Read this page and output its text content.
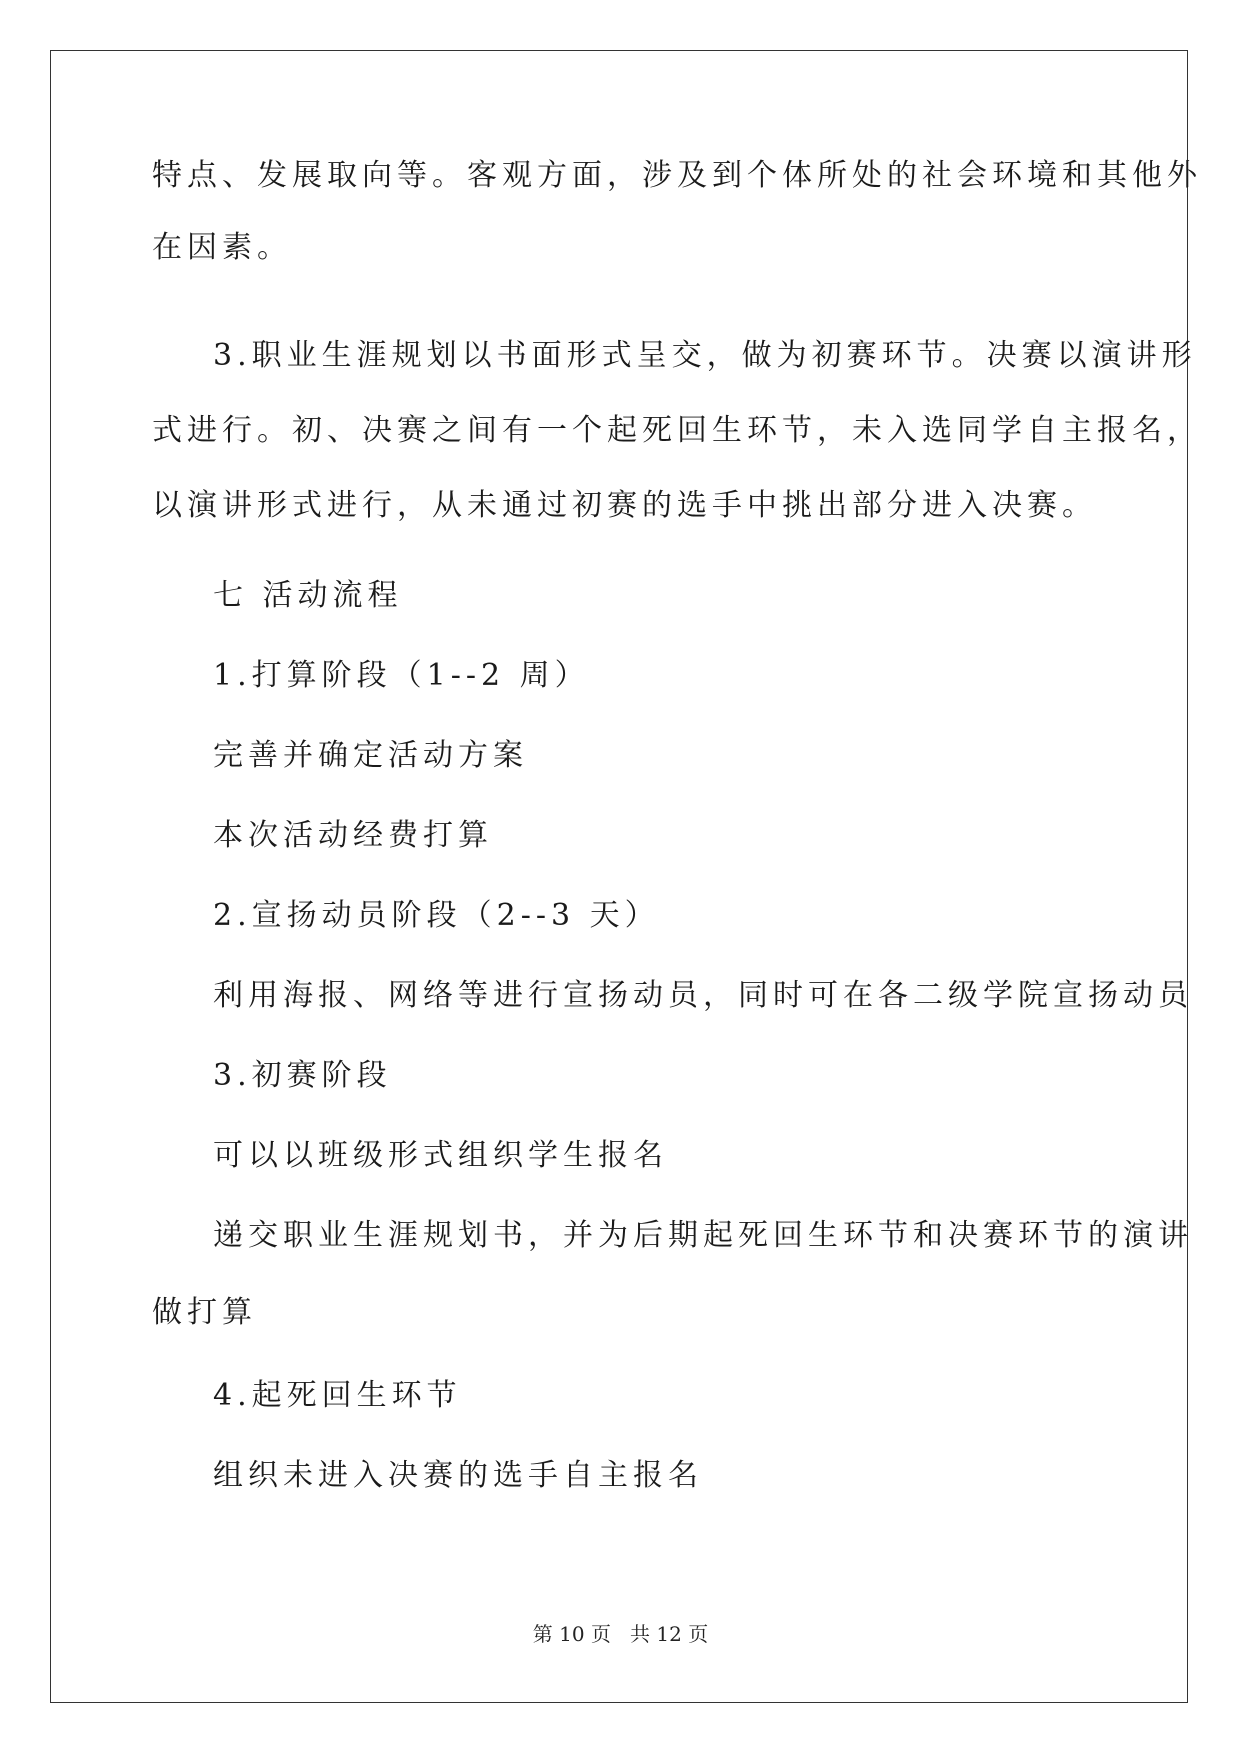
特点、发展取向等。客观方面，涉及到个体所处的社会环境和其他外

在因素。

3.职业生涯规划以书面形式呈交，做为初赛环节。决赛以演讲形

式进行。初、决赛之间有一个起死回生环节，未入选同学自主报名，

以演讲形式进行，从未通过初赛的选手中挑出部分进入决赛。

七 活动流程

1.打算阶段（1--2 周）

完善并确定活动方案

本次活动经费打算

2.宣扬动员阶段（2--3 天）

利用海报、网络等进行宣扬动员，同时可在各二级学院宣扬动员

3.初赛阶段

可以以班级形式组织学生报名

递交职业生涯规划书，并为后期起死回生环节和决赛环节的演讲

做打算

4.起死回生环节

组织未进入决赛的选手自主报名

第 10 页   共 12 页
